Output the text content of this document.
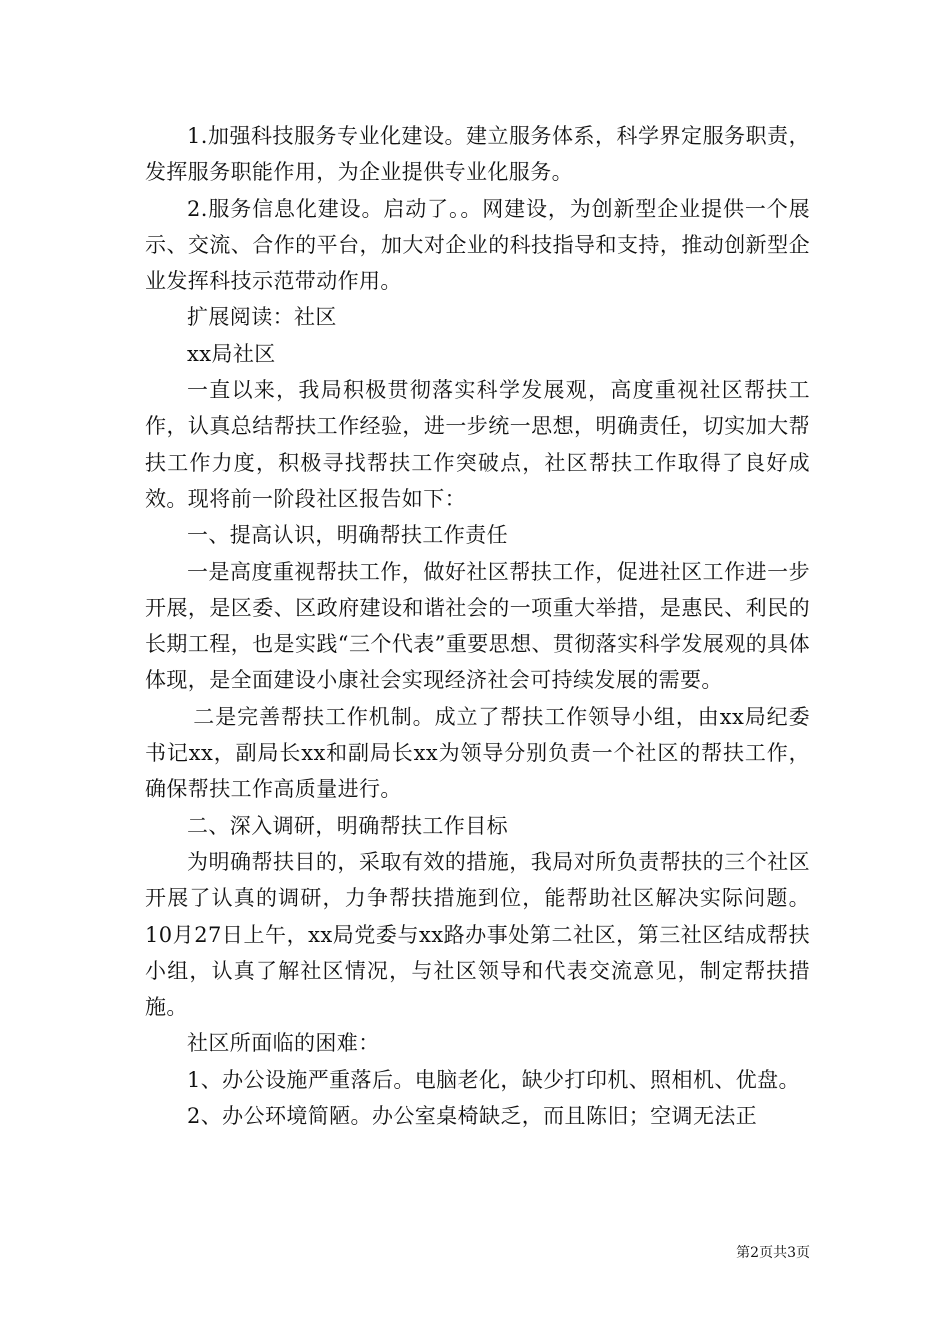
1.加强科技服务专业化建设。建立服务体系，科学界定服务职责，发挥服务职能作用，为企业提供专业化服务。

2.服务信息化建设。启动了。。网建设，为创新型企业提供一个展示、交流、合作的平台，加大对企业的科技指导和支持，推动创新型企业发挥科技示范带动作用。

扩展阅读：社区

xx局社区

一直以来，我局积极贯彻落实科学发展观，高度重视社区帮扶工作，认真总结帮扶工作经验，进一步统一思想，明确责任，切实加大帮扶工作力度，积极寻找帮扶工作突破点，社区帮扶工作取得了良好成效。现将前一阶段社区报告如下：

一、提高认识，明确帮扶工作责任

一是高度重视帮扶工作，做好社区帮扶工作，促进社区工作进一步开展，是区委、区政府建设和谐社会的一项重大举措，是惠民、利民的长期工程，也是实践“三个代表”重要思想、贯彻落实科学发展观的具体体现，是全面建设小康社会实现经济社会可持续发展的需要。

二是完善帮扶工作机制。成立了帮扶工作领导小组，由xx局纪委书记xx，副局长xx和副局长xx为领导分别负责一个社区的帮扶工作，确保帮扶工作高质量进行。

二、深入调研，明确帮扶工作目标

为明确帮扶目的，采取有效的措施，我局对所负责帮扶的三个社区开展了认真的调研，力争帮扶措施到位，能帮助社区解决实际问题。10月27日上午，xx局党委与xx路办事处第二社区，第三社区结成帮扶小组，认真了解社区情况，与社区领导和代表交流意见，制定帮扶措施。

社区所面临的困难：

1、办公设施严重落后。电脑老化，缺少打印机、照相机、优盘。

2、办公环境简陋。办公室桌椅缺乏，而且陈旧；空调无法正

第2页共3页
